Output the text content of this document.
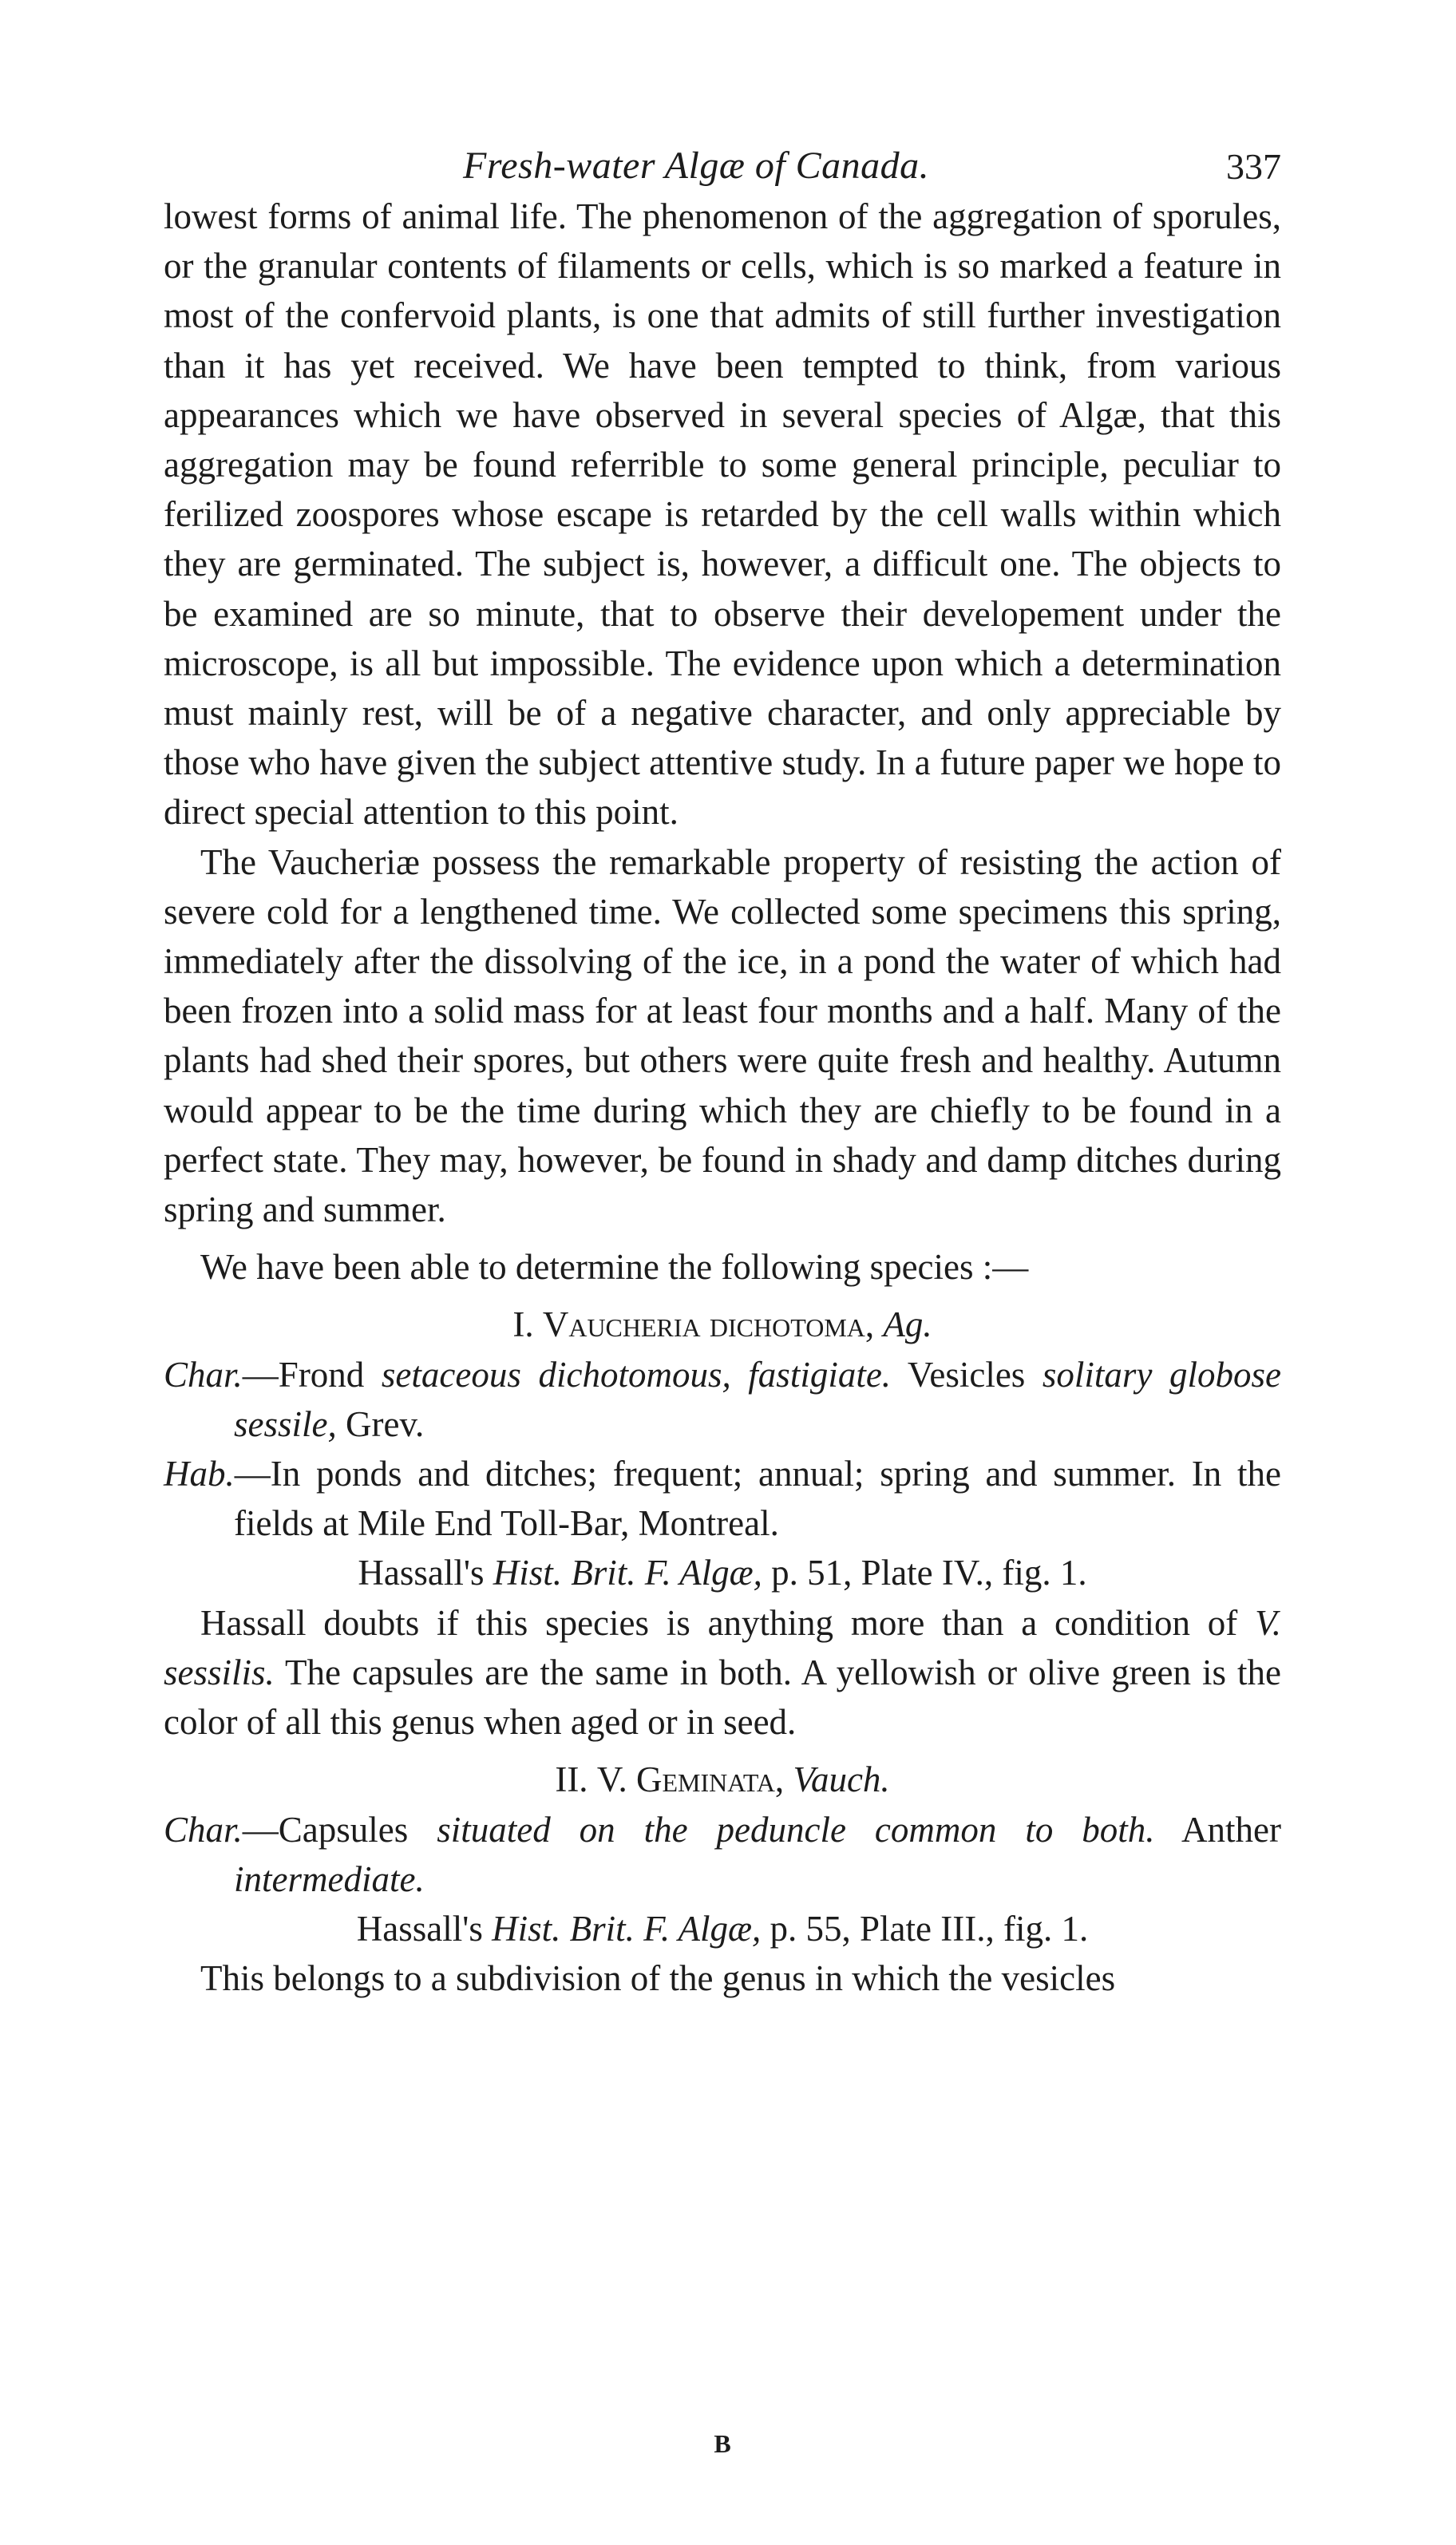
Fresh-water Algæ of Canada.	337

lowest forms of animal life. The phenomenon of the aggregation of sporules, or the granular contents of filaments or cells, which is so marked a feature in most of the confervoid plants, is one that admits of still further investigation than it has yet received. We have been tempted to think, from various appearances which we have observed in several species of Algæ, that this aggregation may be found referrible to some general principle, peculiar to ferilized zoospores whose escape is retarded by the cell walls within which they are germinated. The subject is, however, a difficult one. The objects to be examined are so minute, that to observe their developement under the microscope, is all but impossible. The evidence upon which a determination must mainly rest, will be of a negative character, and only appreciable by those who have given the subject attentive study. In a future paper we hope to direct special attention to this point.

The Vaucheriæ possess the remarkable property of resisting the action of severe cold for a lengthened time. We collected some specimens this spring, immediately after the dissolving of the ice, in a pond the water of which had been frozen into a solid mass for at least four months and a half. Many of the plants had shed their spores, but others were quite fresh and healthy. Autumn would appear to be the time during which they are chiefly to be found in a perfect state. They may, however, be found in shady and damp ditches during spring and summer.

We have been able to determine the following species :—

I. Vaucheria dichotoma, Ag.

Char.—Frond setaceous dichotomous, fastigiate. Vesicles solitary globose sessile, Grev.

Hab.—In ponds and ditches; frequent; annual; spring and summer. In the fields at Mile End Toll-Bar, Montreal.

Hassall's Hist. Brit. F. Algæ, p. 51, Plate IV., fig. 1.

Hassall doubts if this species is anything more than a condition of V. sessilis. The capsules are the same in both. A yellowish or olive green is the color of all this genus when aged or in seed.

II. V. Geminata, Vauch.

Char.—Capsules situated on the peduncle common to both. Anther intermediate.

Hassall's Hist. Brit. F. Algæ, p. 55, Plate III., fig. 1.

This belongs to a subdivision of the genus in which the vesicles

B
